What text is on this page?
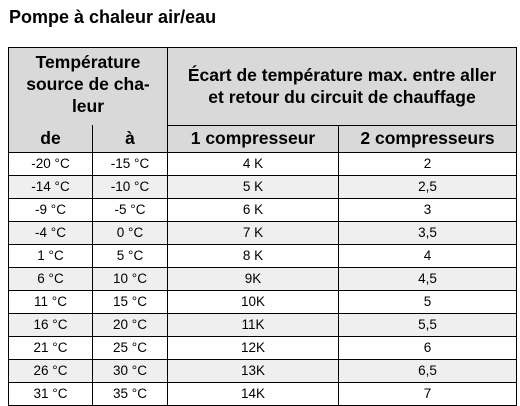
Pompe à chaleur air/eau
Température
source de cha-
leur		Écart de température max. entre aller
et retour du circuit de chauffage	

de	à	1 compresseur	2 compresseurs
-20 °C	-15 °C	4 K	2
-14 °C	-10 °C	5 K	2,5
-9 °C	-5 °C	6 K	3
-4 °C	0 °C	7 K	3,5
1 °C	5 °C	8 K	4
6 °C	10 °C	9K	4,5
11 °C	15 °C	10K	5
16 °C	20 °C	11K	5,5
21 °C	25 °C	12K	6
26 °C	30 °C	13K	6,5
31 °C	35 °C	14K	7
